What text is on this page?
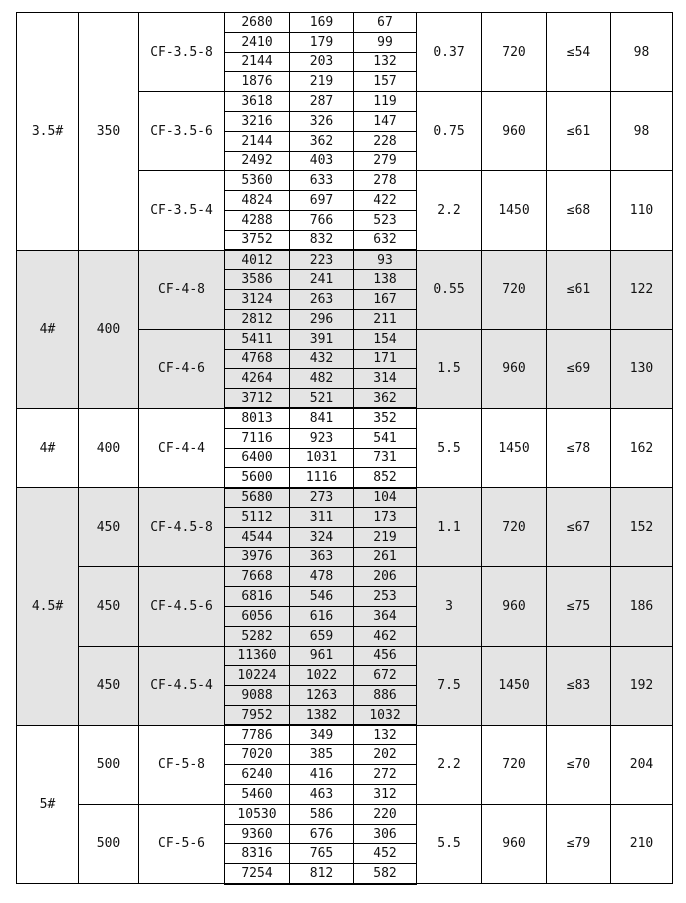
3.5#	350	CF-3.5-8	2680	169	67	0.37	720	≤54	98
			2410	179	99				
			2144	203	132				
			1876	219	157				
		CF-3.5-6	3618	287	119	0.75	960	≤61	98
			3216	326	147				
			2144	362	228				
			2492	403	279				
		CF-3.5-4	5360	633	278	2.2	1450	≤68	110
			4824	697	422				
			4288	766	523				
			3752	832	632				
4#	400	CF-4-8	4012	223	93	0.55	720	≤61	122
			3586	241	138				
			3124	263	167				
			2812	296	211				
		CF-4-6	5411	391	154	1.5	960	≤69	130
			4768	432	171				
			4264	482	314				
			3712	521	362				
4#	400	CF-4-4	8013	841	352	5.5	1450	≤78	162
			7116	923	541				
			6400	1031	731				
			5600	1116	852				
4.5#	450	CF-4.5-8	5680	273	104	1.1	720	≤67	152
			5112	311	173				
			4544	324	219				
			3976	363	261				
	450	CF-4.5-6	7668	478	206	3	960	≤75	186
			6816	546	253				
			6056	616	364				
			5282	659	462				
	450	CF-4.5-4	11360	961	456	7.5	1450	≤83	192
			10224	1022	672				
			9088	1263	886				
			7952	1382	1032				
5#	500	CF-5-8	7786	349	132	2.2	720	≤70	204
			7020	385	202				
			6240	416	272				
			5460	463	312				
	500	CF-5-6	10530	586	220	5.5	960	≤79	210
			9360	676	306				
			8316	765	452				
			7254	812	582				
